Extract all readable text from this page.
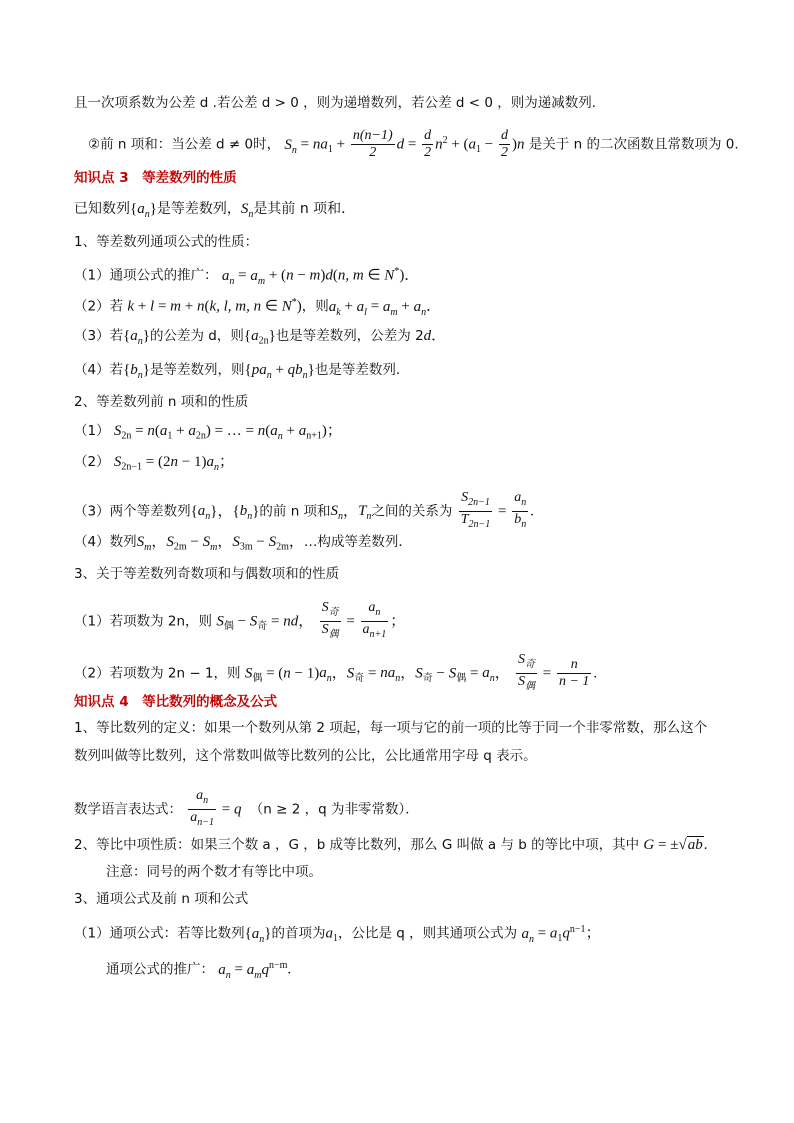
且一次项系数为公差 d .若公差 d > 0 ，则为递增数列，若公差 d < 0 ，则为递减数列．
②前 n 项和：当公差 d ≠ 0时， $S_n = na_1 + \frac{n(n-1)}{2}$ $d = \frac{d}{2} n^2 + (a_1 - \frac{d}{2} )n$ 是关于 n 的二次函数且常数项为 0.
知识点 3　等差数列的性质
已知数列$\{a_n\}$是等差数列，$S_n$是其前 n 项和．
1、等差数列通项公式的性质：
（1）通项公式的推广： $a_n = a_m + (n - m)d(n$, m ∈ N*)．
（2）若 k + l = m + n(k, l, m, n ∈ N*)，则$a_k + a_l = a_m + a_n$．
（3）若$\{a_n\}$的公差为 d，则$\{a_{2n}\}$也是等差数列，公差为 2d．
（4）若$\{b_n\}$是等差数列，则$\{pa_n + qb_n\}$也是等差数列．
2、等差数列前 n 项和的性质
（1） $S_{2n} = n(a_1 + a_{2n})$ = … = $n(a_n + a_{n+1})$；
（2） $S_{2n-1} = (2n - 1)a_n$；
（3）两个等差数列$\{a_n\}$，$\{b_n\}$的前 n 项和$S_n$，$T_n$之间的关系为 $\frac{S_{2n-1}}{T_{2n-1}} = \frac{a_n}{b_n}$ .
（4）数列$S_m$，$S_{2m} - S_m$，$S_{3m} - S_{2m}$，…构成等差数列．
3、关于等差数列奇数项和与偶数项和的性质
（1）若项数为 2n，则 $S_偶 - S_奇$ = nd， $\frac{S_奇}{S_偶} = \frac{a_n}{a_{n+1}}$ ；
（2）若项数为 2n − 1，则 $S_偶 = (n - 1)a_n$，$S_奇 = na_n$，$S_奇 - S_偶 = a_n$， $\frac{S_奇}{S_偶} = \frac{n}{n - 1}$ .
知识点 4　等比数列的概念及公式
1、等比数列的定义：如果一个数列从第 2 项起，每一项与它的前一项的比等于同一个非零常数，那么这个
数列叫做等比数列，这个常数叫做等比数列的公比，公比通常用字母 q 表示。
数学语言表达式： $\frac{a_n}{a_{n-1}} = q$　 （n ≥ 2 ，q 为非零常数）．
2、等比中项性质：如果三个数 a ，G ，b 成等比数列，那么 G 叫做 a 与 b 的等比中项，其中 G = ±√ab.
注意：同号的两个数才有等比中项。
3、通项公式及前 n 项和公式
（1）通项公式：若等比数列$\{a_n\}$的首项为$a_1$，公比是 q ，则其通项公式为 $a_n = a_1q^{n-1}$；
通项公式的推广： $a_n = a_mq^{n-m}$.
